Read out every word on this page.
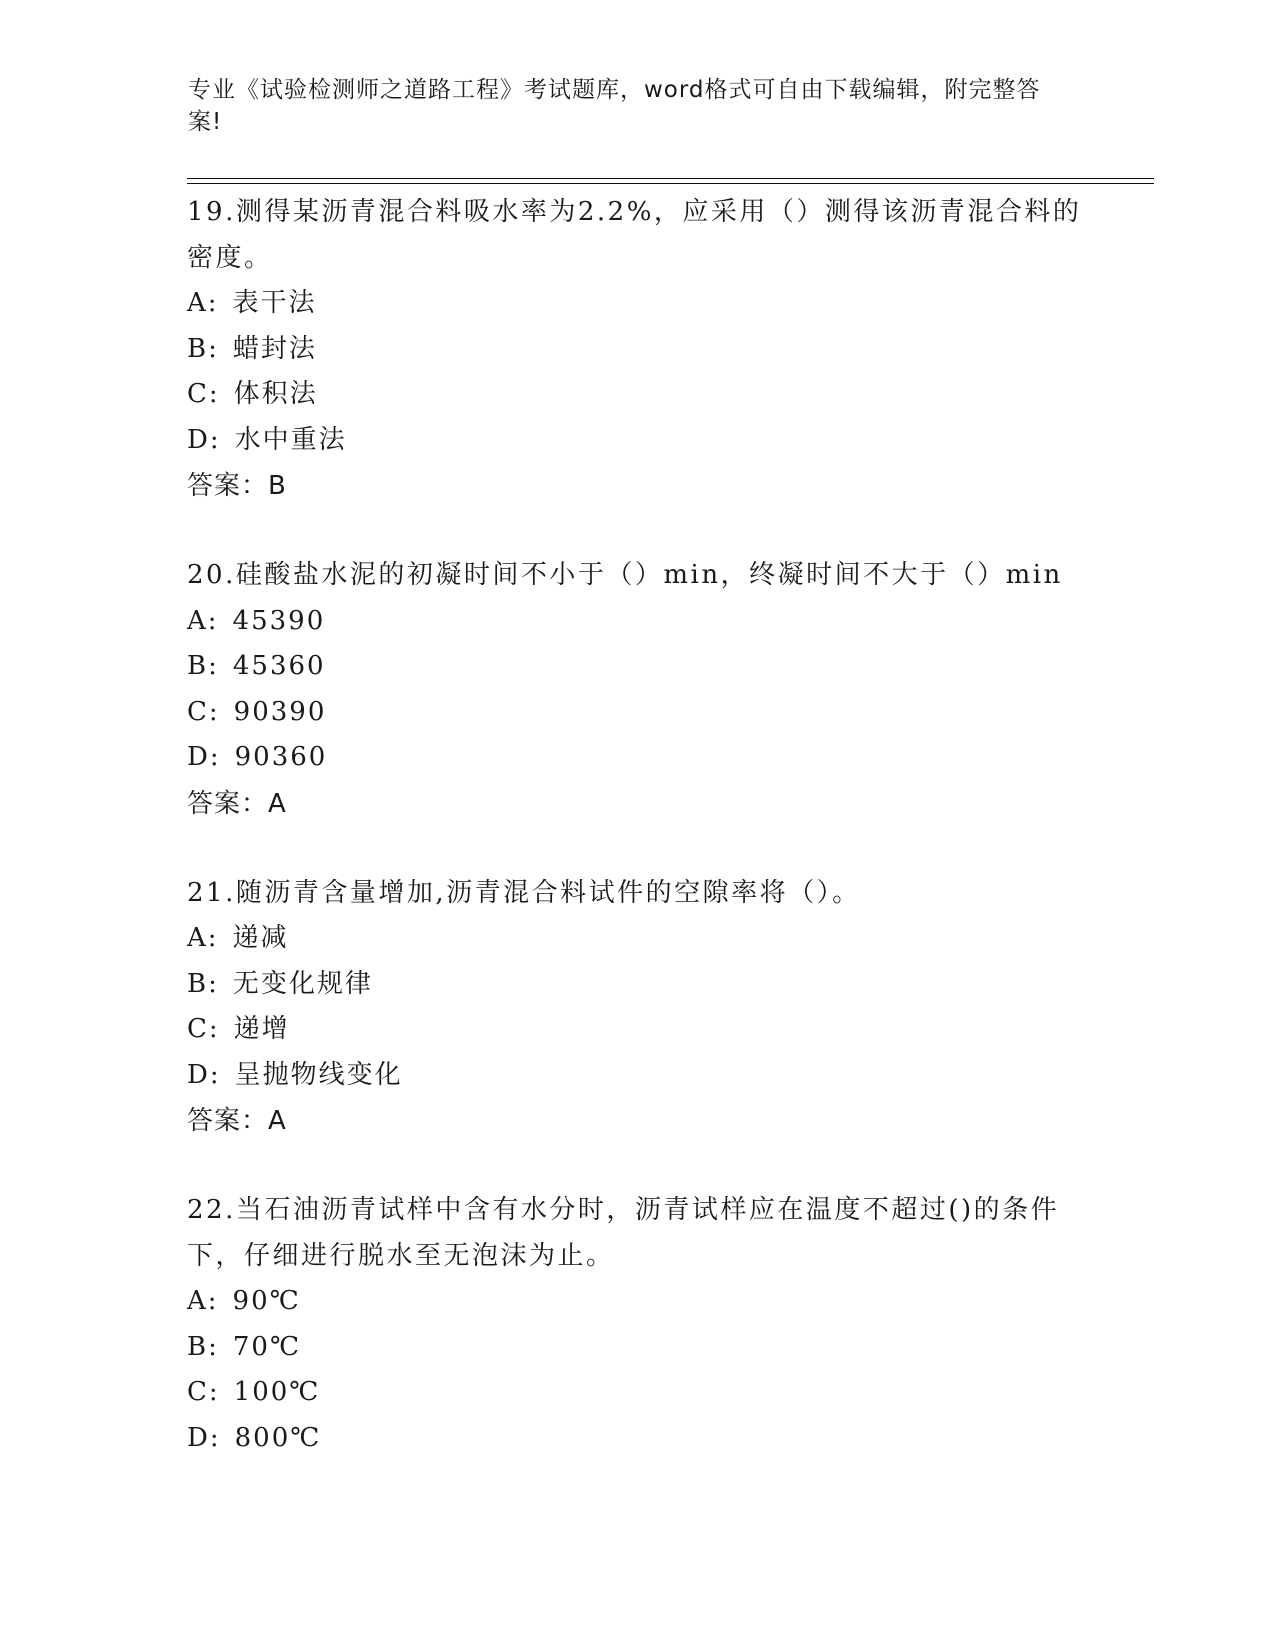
专业《试验检测师之道路工程》考试题库，word格式可自由下载编辑，附完整答案!
19.测得某沥青混合料吸水率为2.2%，应采用（）测得该沥青混合料的密度。
A: 表干法
B: 蜡封法
C: 体积法
D: 水中重法
答案：B
20.硅酸盐水泥的初凝时间不小于（）min，终凝时间不大于（）min
A: 45390
B: 45360
C: 90390
D: 90360
答案：A
21.随沥青含量增加,沥青混合料试件的空隙率将（）。
A: 递减
B: 无变化规律
C: 递增
D: 呈抛物线变化
答案：A
22.当石油沥青试样中含有水分时，沥青试样应在温度不超过()的条件下，仔细进行脱水至无泡沫为止。
A: 90℃
B: 70℃
C: 100℃
D: 800℃
